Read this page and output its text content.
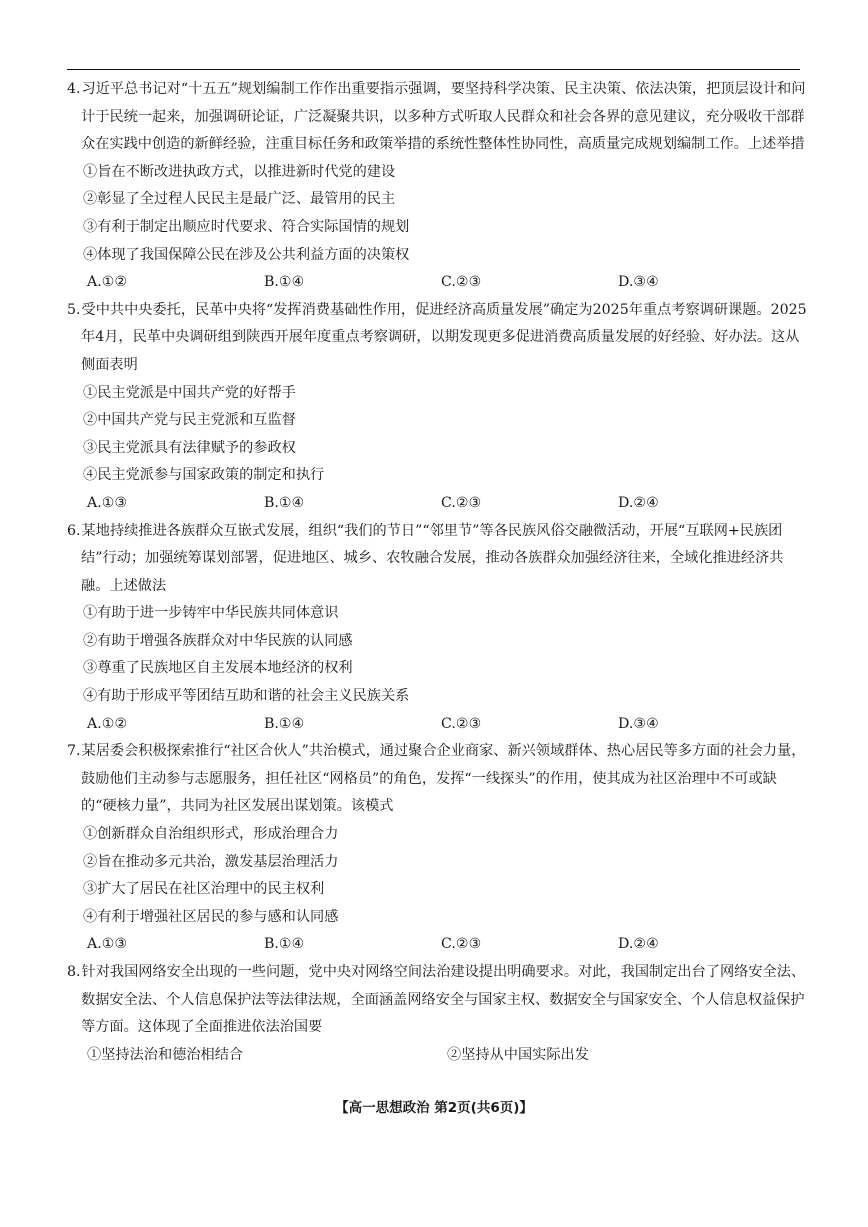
4.习近平总书记对“十五五”规划编制工作作出重要指示强调，要坚持科学决策、民主决策、依法决策，把顶层设计和问计于民统一起来，加强调研论证，广泛凝聚共识，以多种方式听取人民群众和社会各界的意见建议，充分吸收干部群众在实践中创造的新鲜经验，注重目标任务和政策举措的系统性整体性协同性，高质量完成规划编制工作。上述举措

①旨在不断改进执政方式，以推进新时代党的建设
②彰显了全过程人民民主是最广泛、最管用的民主
③有利于制定出顺应时代要求、符合实际国情的规划
④体现了我国保障公民在涉及公共利益方面的决策权
A.①②	B.①④	C.②③	D.③④

5.受中共中央委托，民革中央将“发挥消费基础性作用，促进经济高质量发展”确定为2025年重点考察调研课题。2025年4月，民革中央调研组到陕西开展年度重点考察调研，以期发现更多促进消费高质量发展的好经验、好办法。这从侧面表明

①民主党派是中国共产党的好帮手
②中国共产党与民主党派和互监督
③民主党派具有法律赋予的参政权
④民主党派参与国家政策的制定和执行
A.①③	B.①④	C.②③	D.②④

6.某地持续推进各族群众互嵌式发展，组织“我们的节日”“邻里节”等各民族风俗交融微活动，开展“互联网+民族团结”行动；加强统筹谋划部署，促进地区、城乡、农牧融合发展，推动各族群众加强经济往来，全域化推进经济共融。上述做法

①有助于进一步铸牢中华民族共同体意识
②有助于增强各族群众对中华民族的认同感
③尊重了民族地区自主发展本地经济的权利
④有助于形成平等团结互助和谐的社会主义民族关系
A.①②	B.①④	C.②③	D.③④

7.某居委会积极探索推行“社区合伙人”共治模式，通过聚合企业商家、新兴领域群体、热心居民等多方面的社会力量，鼓励他们主动参与志愿服务，担任社区“网格员”的角色，发挥“一线探头”的作用，使其成为社区治理中不可或缺的“硬核力量”，共同为社区发展出谋划策。该模式

①创新群众自治组织形式，形成治理合力
②旨在推动多元共治，激发基层治理活力
③扩大了居民在社区治理中的民主权利
④有利于增强社区居民的参与感和认同感
A.①③	B.①④	C.②③	D.②④

8.针对我国网络安全出现的一些问题，党中央对网络空间法治建设提出明确要求。对此，我国制定出台了网络安全法、数据安全法、个人信息保护法等法律法规，全面涵盖网络安全与国家主权、数据安全与国家安全、个人信息权益保护等方面。这体现了全面推进依法治国要

①坚持法治和德治相结合	②坚持从中国实际出发
【高一思想政治 第2页(共6页)】
